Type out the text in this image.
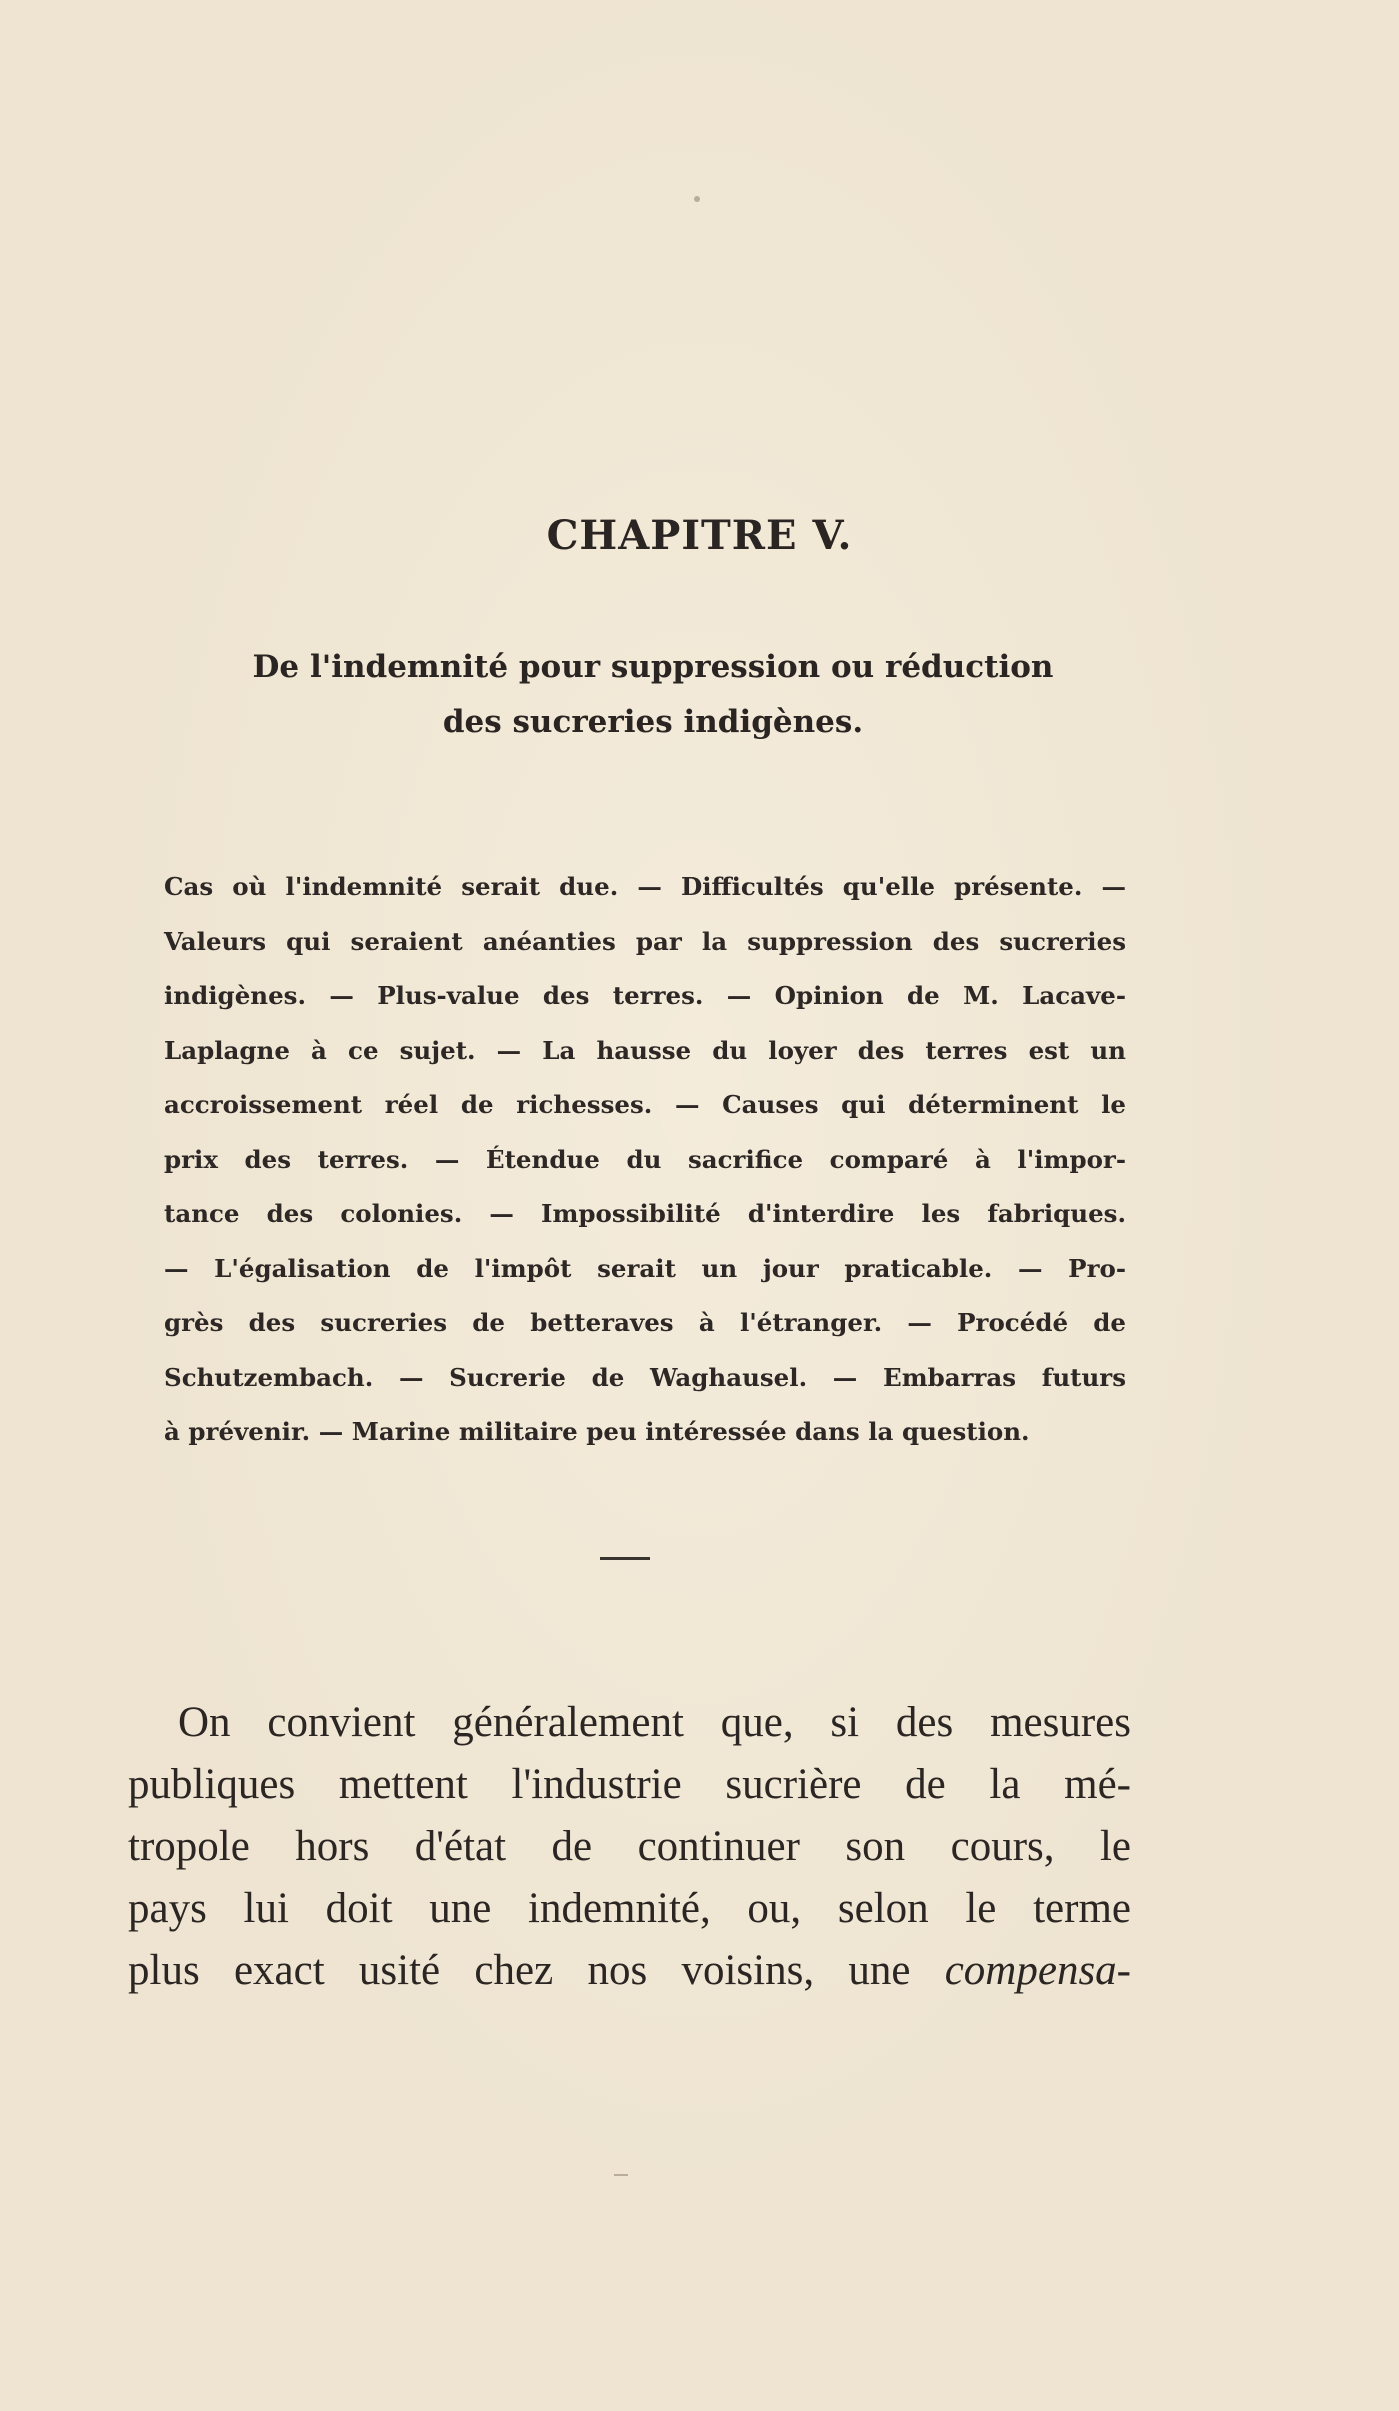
CHAPITRE V.
De l'indemnité pour suppression ou réduction
des sucreries indigènes.
Cas où l'indemnité serait due. — Difficultés qu'elle présente. —
Valeurs qui seraient anéanties par la suppression des sucreries
indigènes. — Plus-value des terres. — Opinion de M. Lacave-
Laplagne à ce sujet. — La hausse du loyer des terres est un
accroissement réel de richesses. — Causes qui déterminent le
prix des terres. — Étendue du sacrifice comparé à l'impor-
tance des colonies. — Impossibilité d'interdire les fabriques.
— L'égalisation de l'impôt serait un jour praticable. — Pro-
grès des sucreries de betteraves à l'étranger. — Procédé de
Schutzembach. — Sucrerie de Waghausel. — Embarras futurs
à prévenir. — Marine militaire peu intéressée dans la question.
On convient généralement que, si des mesures
publiques mettent l'industrie sucrière de la mé-
tropole hors d'état de continuer son cours, le
pays lui doit une indemnité, ou, selon le terme
plus exact usité chez nos voisins, une compensa-
